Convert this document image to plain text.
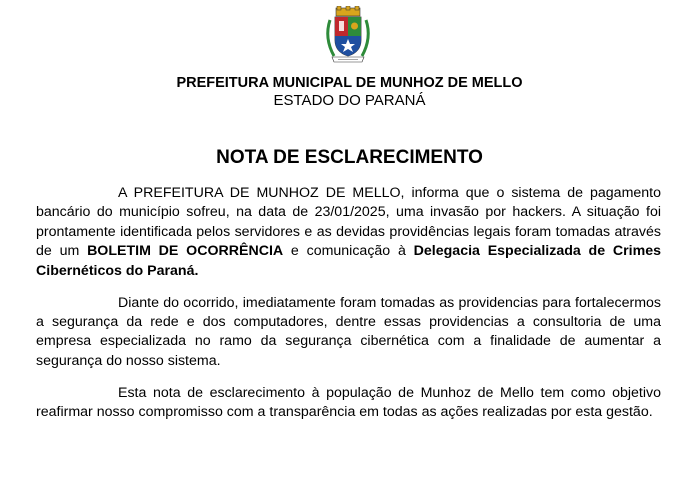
PREFEITURA MUNICIPAL DE MUNHOZ DE MELLO
ESTADO DO PARANÁ
NOTA DE ESCLARECIMENTO

A PREFEITURA DE MUNHOZ DE MELLO, informa que o sistema de pagamento bancário do município sofreu, na data de 23/01/2025, uma invasão por hackers. A situação foi prontamente identificada pelos servidores e as devidas providências legais foram tomadas através de um BOLETIM DE OCORRÊNCIA e comunicação à Delegacia Especializada de Crimes Cibernéticos do Paraná.

Diante do ocorrido, imediatamente foram tomadas as providencias para fortalecermos a segurança da rede e dos computadores, dentre essas providencias a consultoria de uma empresa especializada no ramo da segurança cibernética com a finalidade de aumentar a segurança do nosso sistema.

Esta nota de esclarecimento à população de Munhoz de Mello tem como objetivo reafirmar nosso compromisso com a transparência em todas as ações realizadas por esta gestão.
